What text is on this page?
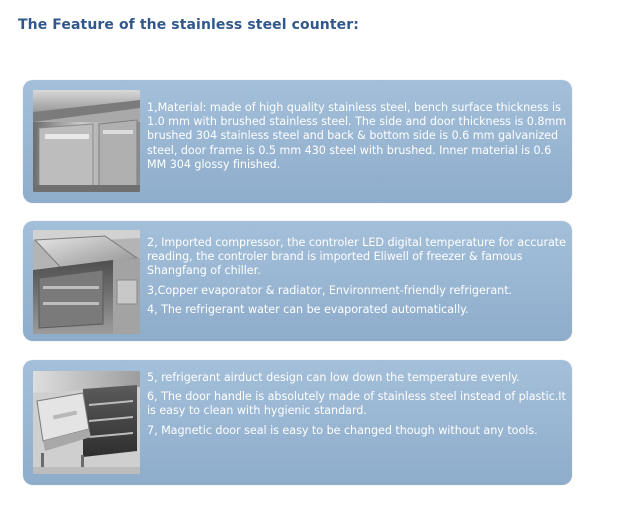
The Feature of the stainless steel counter:

1,Material: made of high quality stainless steel, bench surface thickness is 1.0 mm with brushed stainless steel. The side and door thickness is 0.8mm brushed 304 stainless steel and back & bottom side is 0.6 mm galvanized steel, door frame is 0.5 mm 430 steel with brushed. Inner material is 0.6 MM 304 glossy finished.

2, Imported compressor, the controler LED digital temperature for accurate reading, the controler brand is imported Eliwell of freezer & famous Shangfang of chiller.

3,Copper evaporator & radiator, Environment-friendly refrigerant.

4, The refrigerant water can be evaporated automatically.

5, refrigerant airduct design can low down the temperature evenly.

6, The door handle is absolutely made of stainless steel instead of plastic.It is easy to clean with hygienic standard.

7, Magnetic door seal is easy to be changed though without any tools.
